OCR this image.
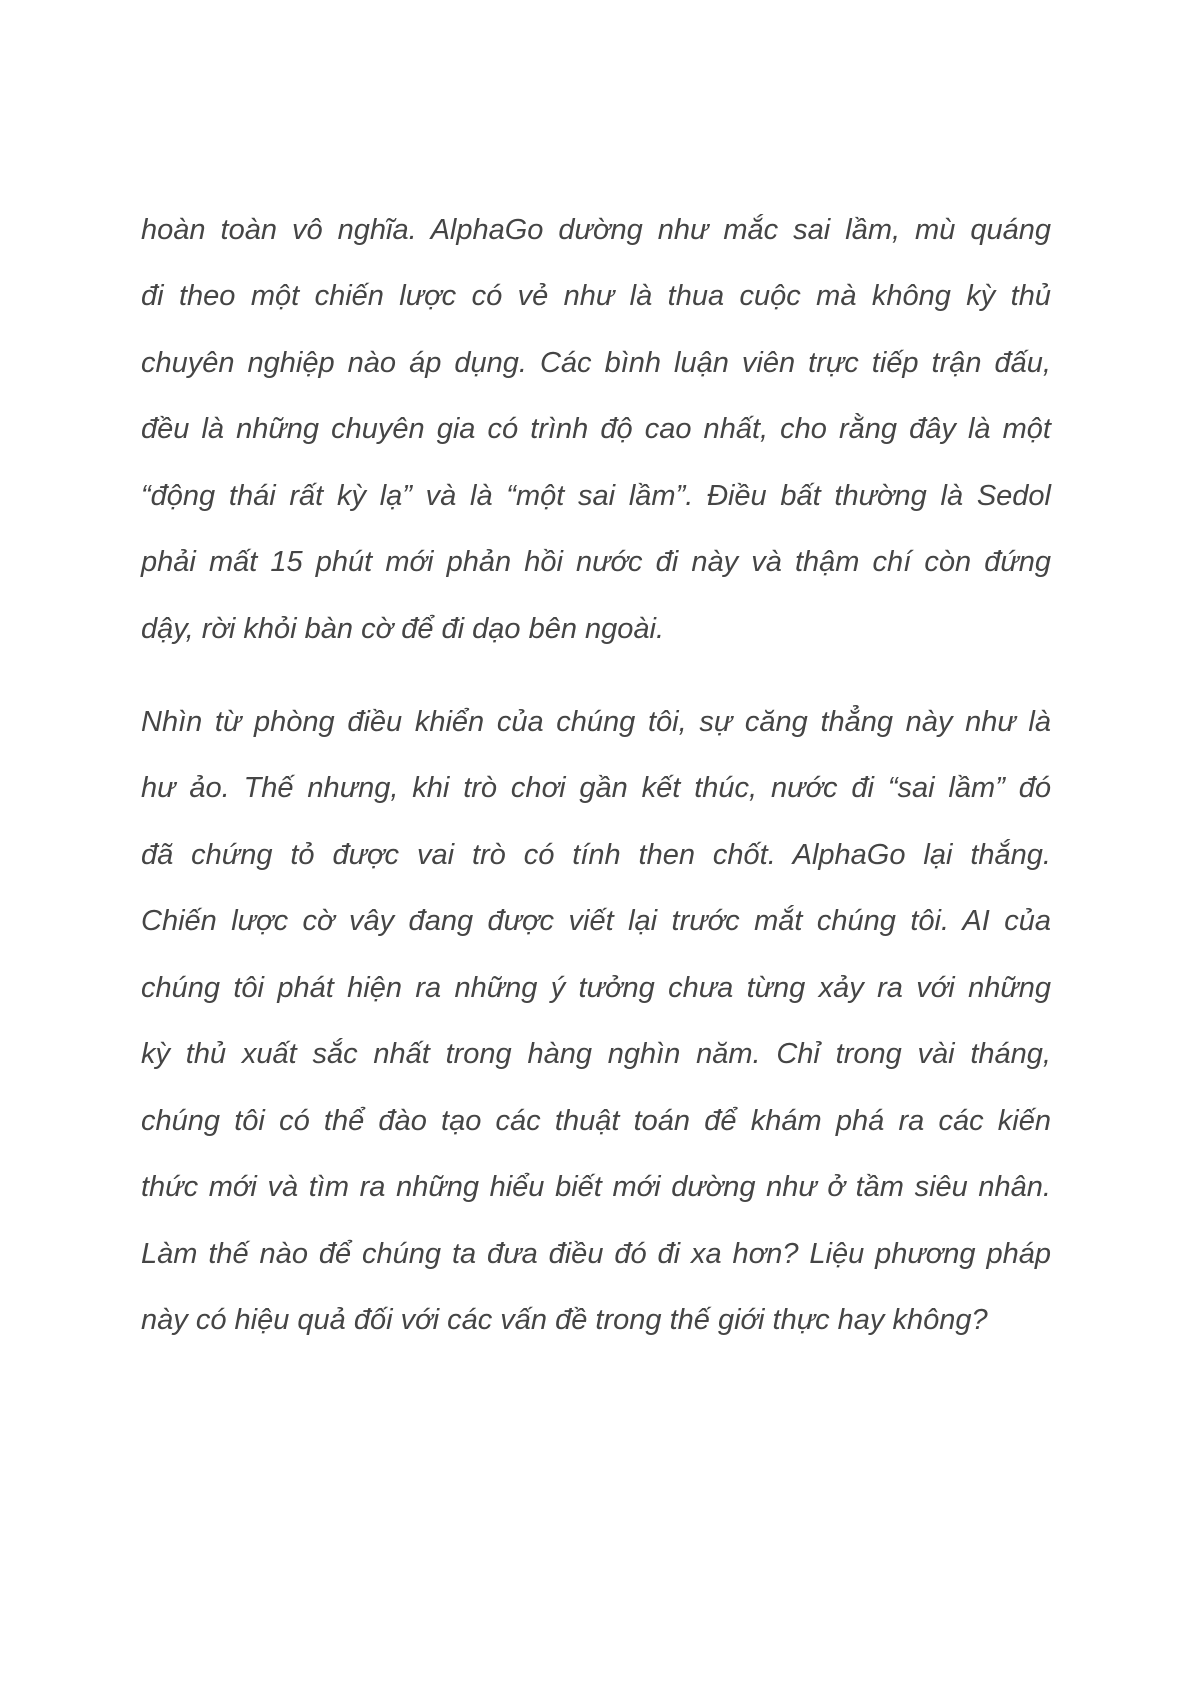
hoàn toàn vô nghĩa. AlphaGo dường như mắc sai lầm, mù quáng
đi theo một chiến lược có vẻ như là thua cuộc mà không kỳ thủ
chuyên nghiệp nào áp dụng. Các bình luận viên trực tiếp trận đấu,
đều là những chuyên gia có trình độ cao nhất, cho rằng đây là một
“động thái rất kỳ lạ” và là “một sai lầm”. Điều bất thường là Sedol
phải mất 15 phút mới phản hồi nước đi này và thậm chí còn đứng
dậy, rời khỏi bàn cờ để đi dạo bên ngoài.
Nhìn từ phòng điều khiển của chúng tôi, sự căng thẳng này như là
hư ảo. Thế nhưng, khi trò chơi gần kết thúc, nước đi “sai lầm” đó
đã chứng tỏ được vai trò có tính then chốt. AlphaGo lại thắng.
Chiến lược cờ vây đang được viết lại trước mắt chúng tôi. AI của
chúng tôi phát hiện ra những ý tưởng chưa từng xảy ra với những
kỳ thủ xuất sắc nhất trong hàng nghìn năm. Chỉ trong vài tháng,
chúng tôi có thể đào tạo các thuật toán để khám phá ra các kiến
thức mới và tìm ra những hiểu biết mới dường như ở tầm siêu nhân.
Làm thế nào để chúng ta đưa điều đó đi xa hơn? Liệu phương pháp
này có hiệu quả đối với các vấn đề trong thế giới thực hay không?
